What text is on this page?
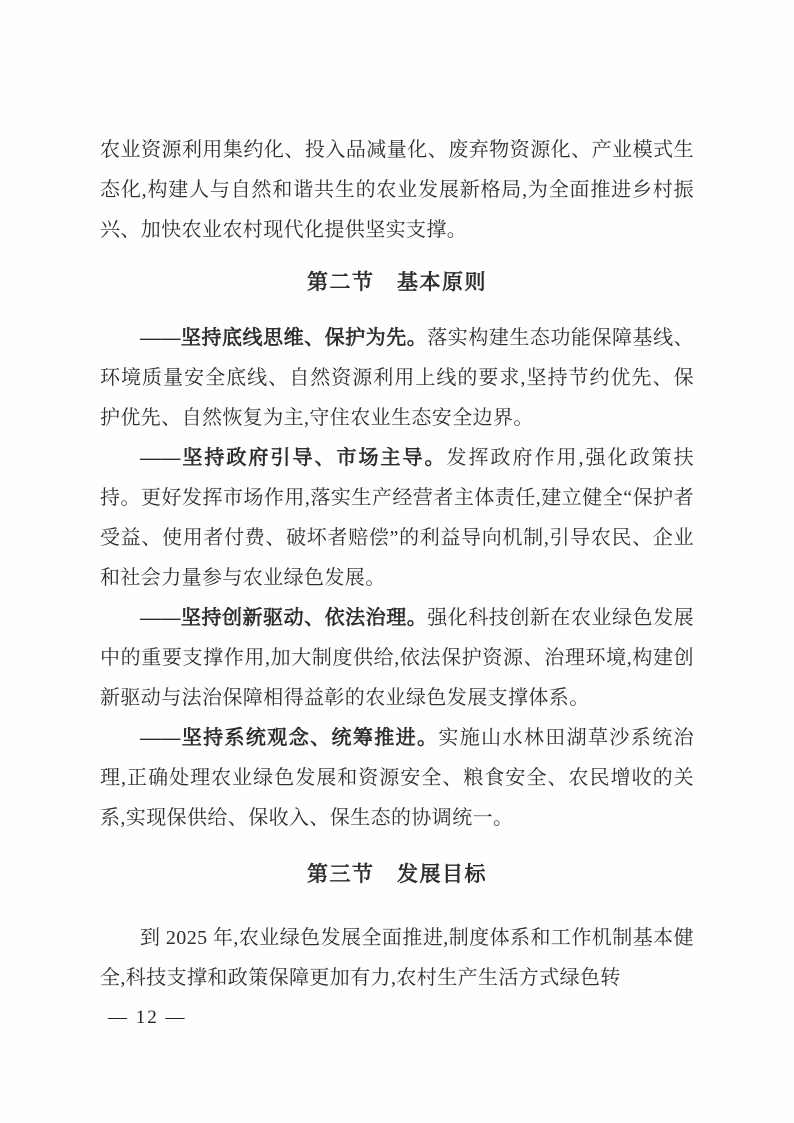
农业资源利用集约化、投入品减量化、废弃物资源化、产业模式生态化,构建人与自然和谐共生的农业发展新格局,为全面推进乡村振兴、加快农业农村现代化提供坚实支撑。

第二节　基本原则

——坚持底线思维、保护为先。落实构建生态功能保障基线、环境质量安全底线、自然资源利用上线的要求,坚持节约优先、保护优先、自然恢复为主,守住农业生态安全边界。

——坚持政府引导、市场主导。发挥政府作用,强化政策扶持。更好发挥市场作用,落实生产经营者主体责任,建立健全“保护者受益、使用者付费、破坏者赔偿”的利益导向机制,引导农民、企业和社会力量参与农业绿色发展。

——坚持创新驱动、依法治理。强化科技创新在农业绿色发展中的重要支撑作用,加大制度供给,依法保护资源、治理环境,构建创新驱动与法治保障相得益彰的农业绿色发展支撑体系。

——坚持系统观念、统筹推进。实施山水林田湖草沙系统治理,正确处理农业绿色发展和资源安全、粮食安全、农民增收的关系,实现保供给、保收入、保生态的协调统一。

第三节　发展目标

到 2025 年,农业绿色发展全面推进,制度体系和工作机制基本健全,科技支撑和政策保障更加有力,农村生产生活方式绿色转

— 12 —
